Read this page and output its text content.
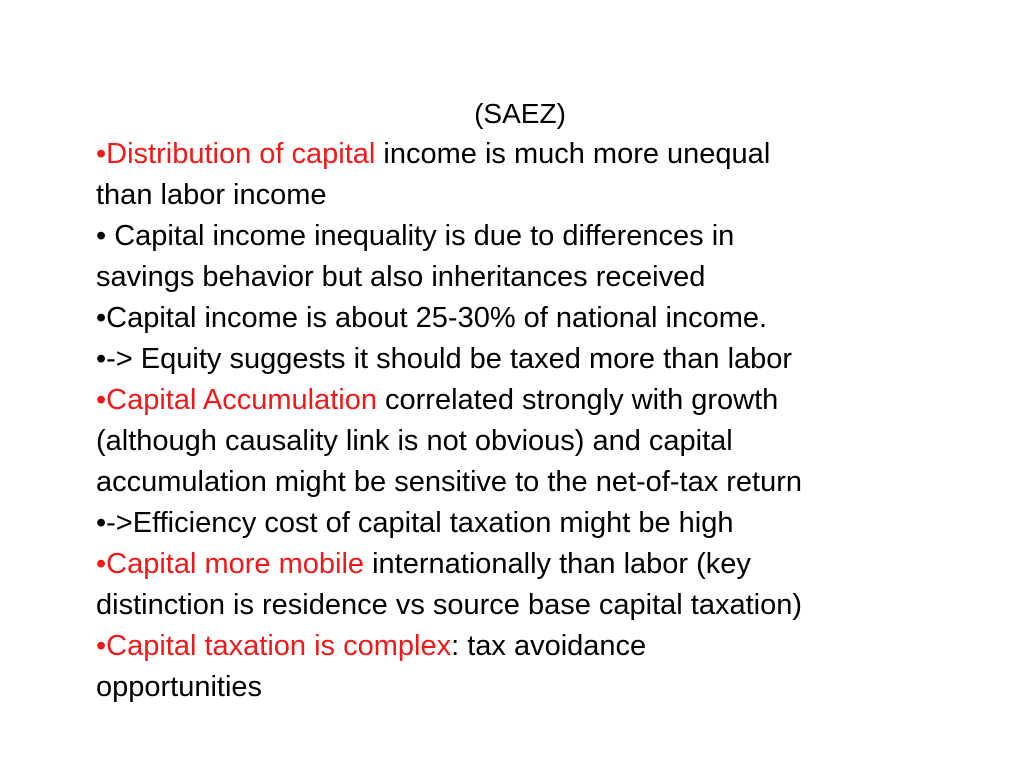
(SAEZ)
•Distribution of capital income is much more unequal
than labor income
• Capital income inequality is due to differences in
savings behavior but also inheritances received
•Capital income is about 25-30% of national income.
•-> Equity suggests it should be taxed more than labor
•Capital Accumulation correlated strongly with growth
(although causality link is not obvious) and capital
accumulation might be sensitive to the net-of-tax return
•->Efficiency cost of capital taxation might be high
•Capital more mobile internationally than labor (key
distinction is residence vs source base capital taxation)
•Capital taxation is complex: tax avoidance
opportunities
